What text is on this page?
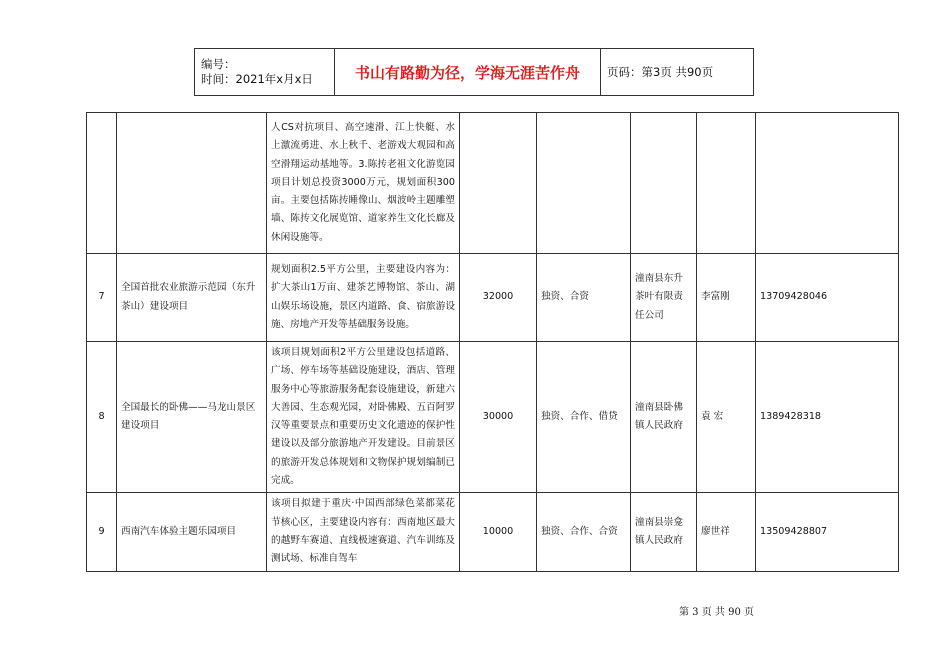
编号：
时间：2021年x月x日	书山有路勤为径，学海无涯苦作舟	页码：第3页 共90页
		人CS对抗项目、高空速滑、江上快艇、水上激流勇进、水上秋千、老游戏大观园和高空滑翔运动基地等。3.陈抟老祖文化游览园项目计划总投资3000万元，规划面积300亩。主要包括陈抟睡像山、烟波岭主题雕塑墙、陈抟文化展览馆、道家养生文化长廊及休闲设施等。					
7	全国首批农业旅游示范园（东升茶山）建设项目	规划面积2.5平方公里，主要建设内容为：扩大茶山1万亩、建茶艺博物馆、茶山、湖山娱乐场设施，景区内道路、食、宿旅游设施、房地产开发等基础服务设施。	32000	独资、合资	潼南县东升茶叶有限责任公司	李富刚	13709428046
8	全国最长的卧佛——马龙山景区建设项目	该项目规划面积2平方公里建设包括道路、广场、停车场等基础设施建设，酒店、管理服务中心等旅游服务配套设施建设，新建六大善园、生态观光园，对卧佛殿、五百阿罗汉等重要景点和重要历史文化遗迹的保护性建设以及部分旅游地产开发建设。目前景区的旅游开发总体规划和文物保护规划编制已完成。	30000	独资、合作、借贷	潼南县卧佛镇人民政府	袁 宏	1389428318
9	西南汽车体验主题乐园项目	该项目拟建于重庆·中国西部绿色菜都菜花节核心区，主要建设内容有：西南地区最大的越野车赛道、直线极速赛道、汽车训练及测试场、标准自驾车	10000	独资、合作、合资	潼南县崇龛镇人民政府	廖世祥	13509428807
第 3 页 共 90 页
